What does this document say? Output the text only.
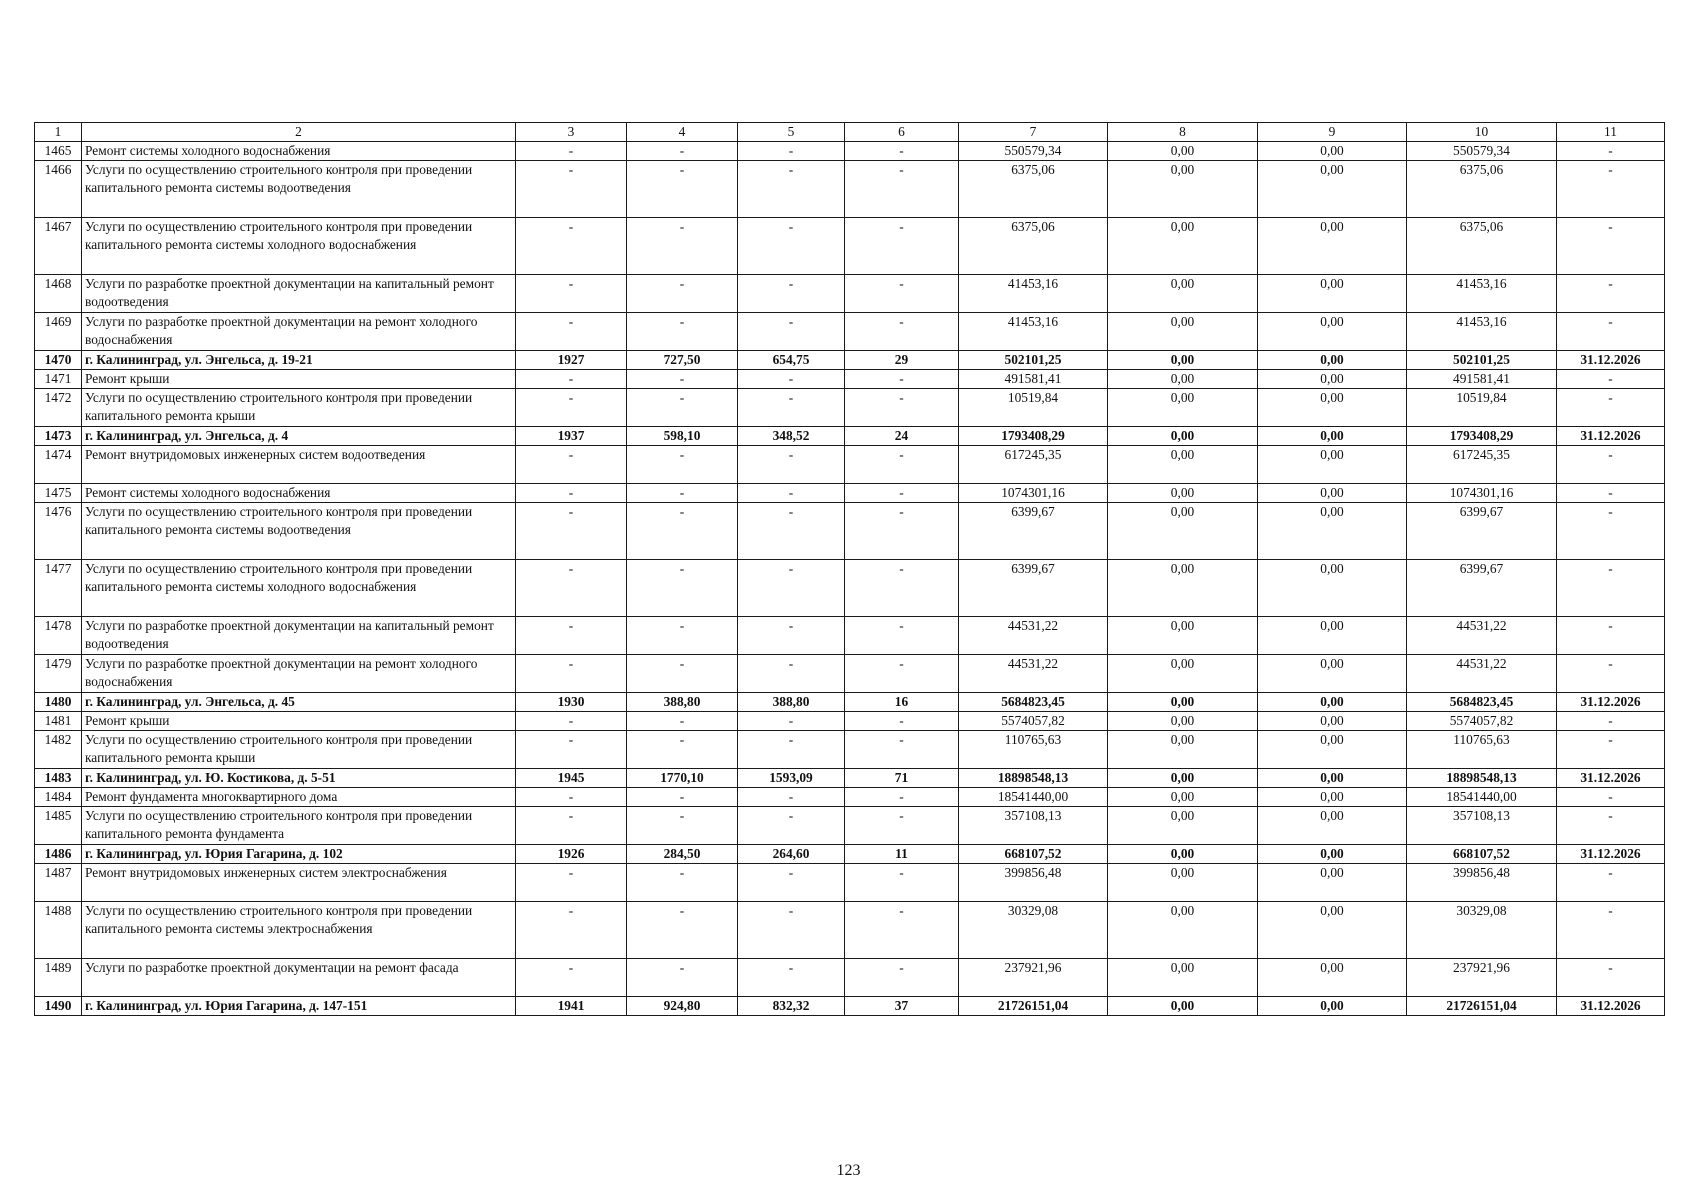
1	2	3	4	5	6	7	8	9	10	11
1465	Ремонт системы холодного водоснабжения	-	-	-	-	550579,34	0,00	0,00	550579,34	-
1466	Услуги по осуществлению строительного контроля при проведении капитального ремонта системы водоотведения	-	-	-	-	6375,06	0,00	0,00	6375,06	-
1467	Услуги по осуществлению строительного контроля при проведении капитального ремонта системы холодного водоснабжения	-	-	-	-	6375,06	0,00	0,00	6375,06	-
1468	Услуги по разработке проектной документации на капитальный ремонт водоотведения	-	-	-	-	41453,16	0,00	0,00	41453,16	-
1469	Услуги по разработке проектной документации на ремонт холодного водоснабжения	-	-	-	-	41453,16	0,00	0,00	41453,16	-
1470	г. Калининград, ул. Энгельса, д. 19-21	1927	727,50	654,75	29	502101,25	0,00	0,00	502101,25	31.12.2026
1471	Ремонт крыши	-	-	-	-	491581,41	0,00	0,00	491581,41	-
1472	Услуги по осуществлению строительного контроля при проведении капитального ремонта крыши	-	-	-	-	10519,84	0,00	0,00	10519,84	-
1473	г. Калининград, ул. Энгельса, д. 4	1937	598,10	348,52	24	1793408,29	0,00	0,00	1793408,29	31.12.2026
1474	Ремонт внутридомовых инженерных систем водоотведения	-	-	-	-	617245,35	0,00	0,00	617245,35	-
1475	Ремонт системы холодного водоснабжения	-	-	-	-	1074301,16	0,00	0,00	1074301,16	-
1476	Услуги по осуществлению строительного контроля при проведении капитального ремонта системы водоотведения	-	-	-	-	6399,67	0,00	0,00	6399,67	-
1477	Услуги по осуществлению строительного контроля при проведении капитального ремонта системы холодного водоснабжения	-	-	-	-	6399,67	0,00	0,00	6399,67	-
1478	Услуги по разработке проектной документации на капитальный ремонт водоотведения	-	-	-	-	44531,22	0,00	0,00	44531,22	-
1479	Услуги по разработке проектной документации на ремонт холодного водоснабжения	-	-	-	-	44531,22	0,00	0,00	44531,22	-
1480	г. Калининград, ул. Энгельса, д. 45	1930	388,80	388,80	16	5684823,45	0,00	0,00	5684823,45	31.12.2026
1481	Ремонт крыши	-	-	-	-	5574057,82	0,00	0,00	5574057,82	-
1482	Услуги по осуществлению строительного контроля при проведении капитального ремонта крыши	-	-	-	-	110765,63	0,00	0,00	110765,63	-
1483	г. Калининград, ул. Ю. Костикова, д. 5-51	1945	1770,10	1593,09	71	18898548,13	0,00	0,00	18898548,13	31.12.2026
1484	Ремонт фундамента многоквартирного дома	-	-	-	-	18541440,00	0,00	0,00	18541440,00	-
1485	Услуги по осуществлению строительного контроля при проведении капитального ремонта фундамента	-	-	-	-	357108,13	0,00	0,00	357108,13	-
1486	г. Калининград, ул. Юрия Гагарина, д. 102	1926	284,50	264,60	11	668107,52	0,00	0,00	668107,52	31.12.2026
1487	Ремонт внутридомовых инженерных систем электроснабжения	-	-	-	-	399856,48	0,00	0,00	399856,48	-
1488	Услуги по осуществлению строительного контроля при проведении капитального ремонта системы электроснабжения	-	-	-	-	30329,08	0,00	0,00	30329,08	-
1489	Услуги по разработке проектной документации на ремонт фасада	-	-	-	-	237921,96	0,00	0,00	237921,96	-
1490	г. Калининград, ул. Юрия Гагарина, д. 147-151	1941	924,80	832,32	37	21726151,04	0,00	0,00	21726151,04	31.12.2026
123
